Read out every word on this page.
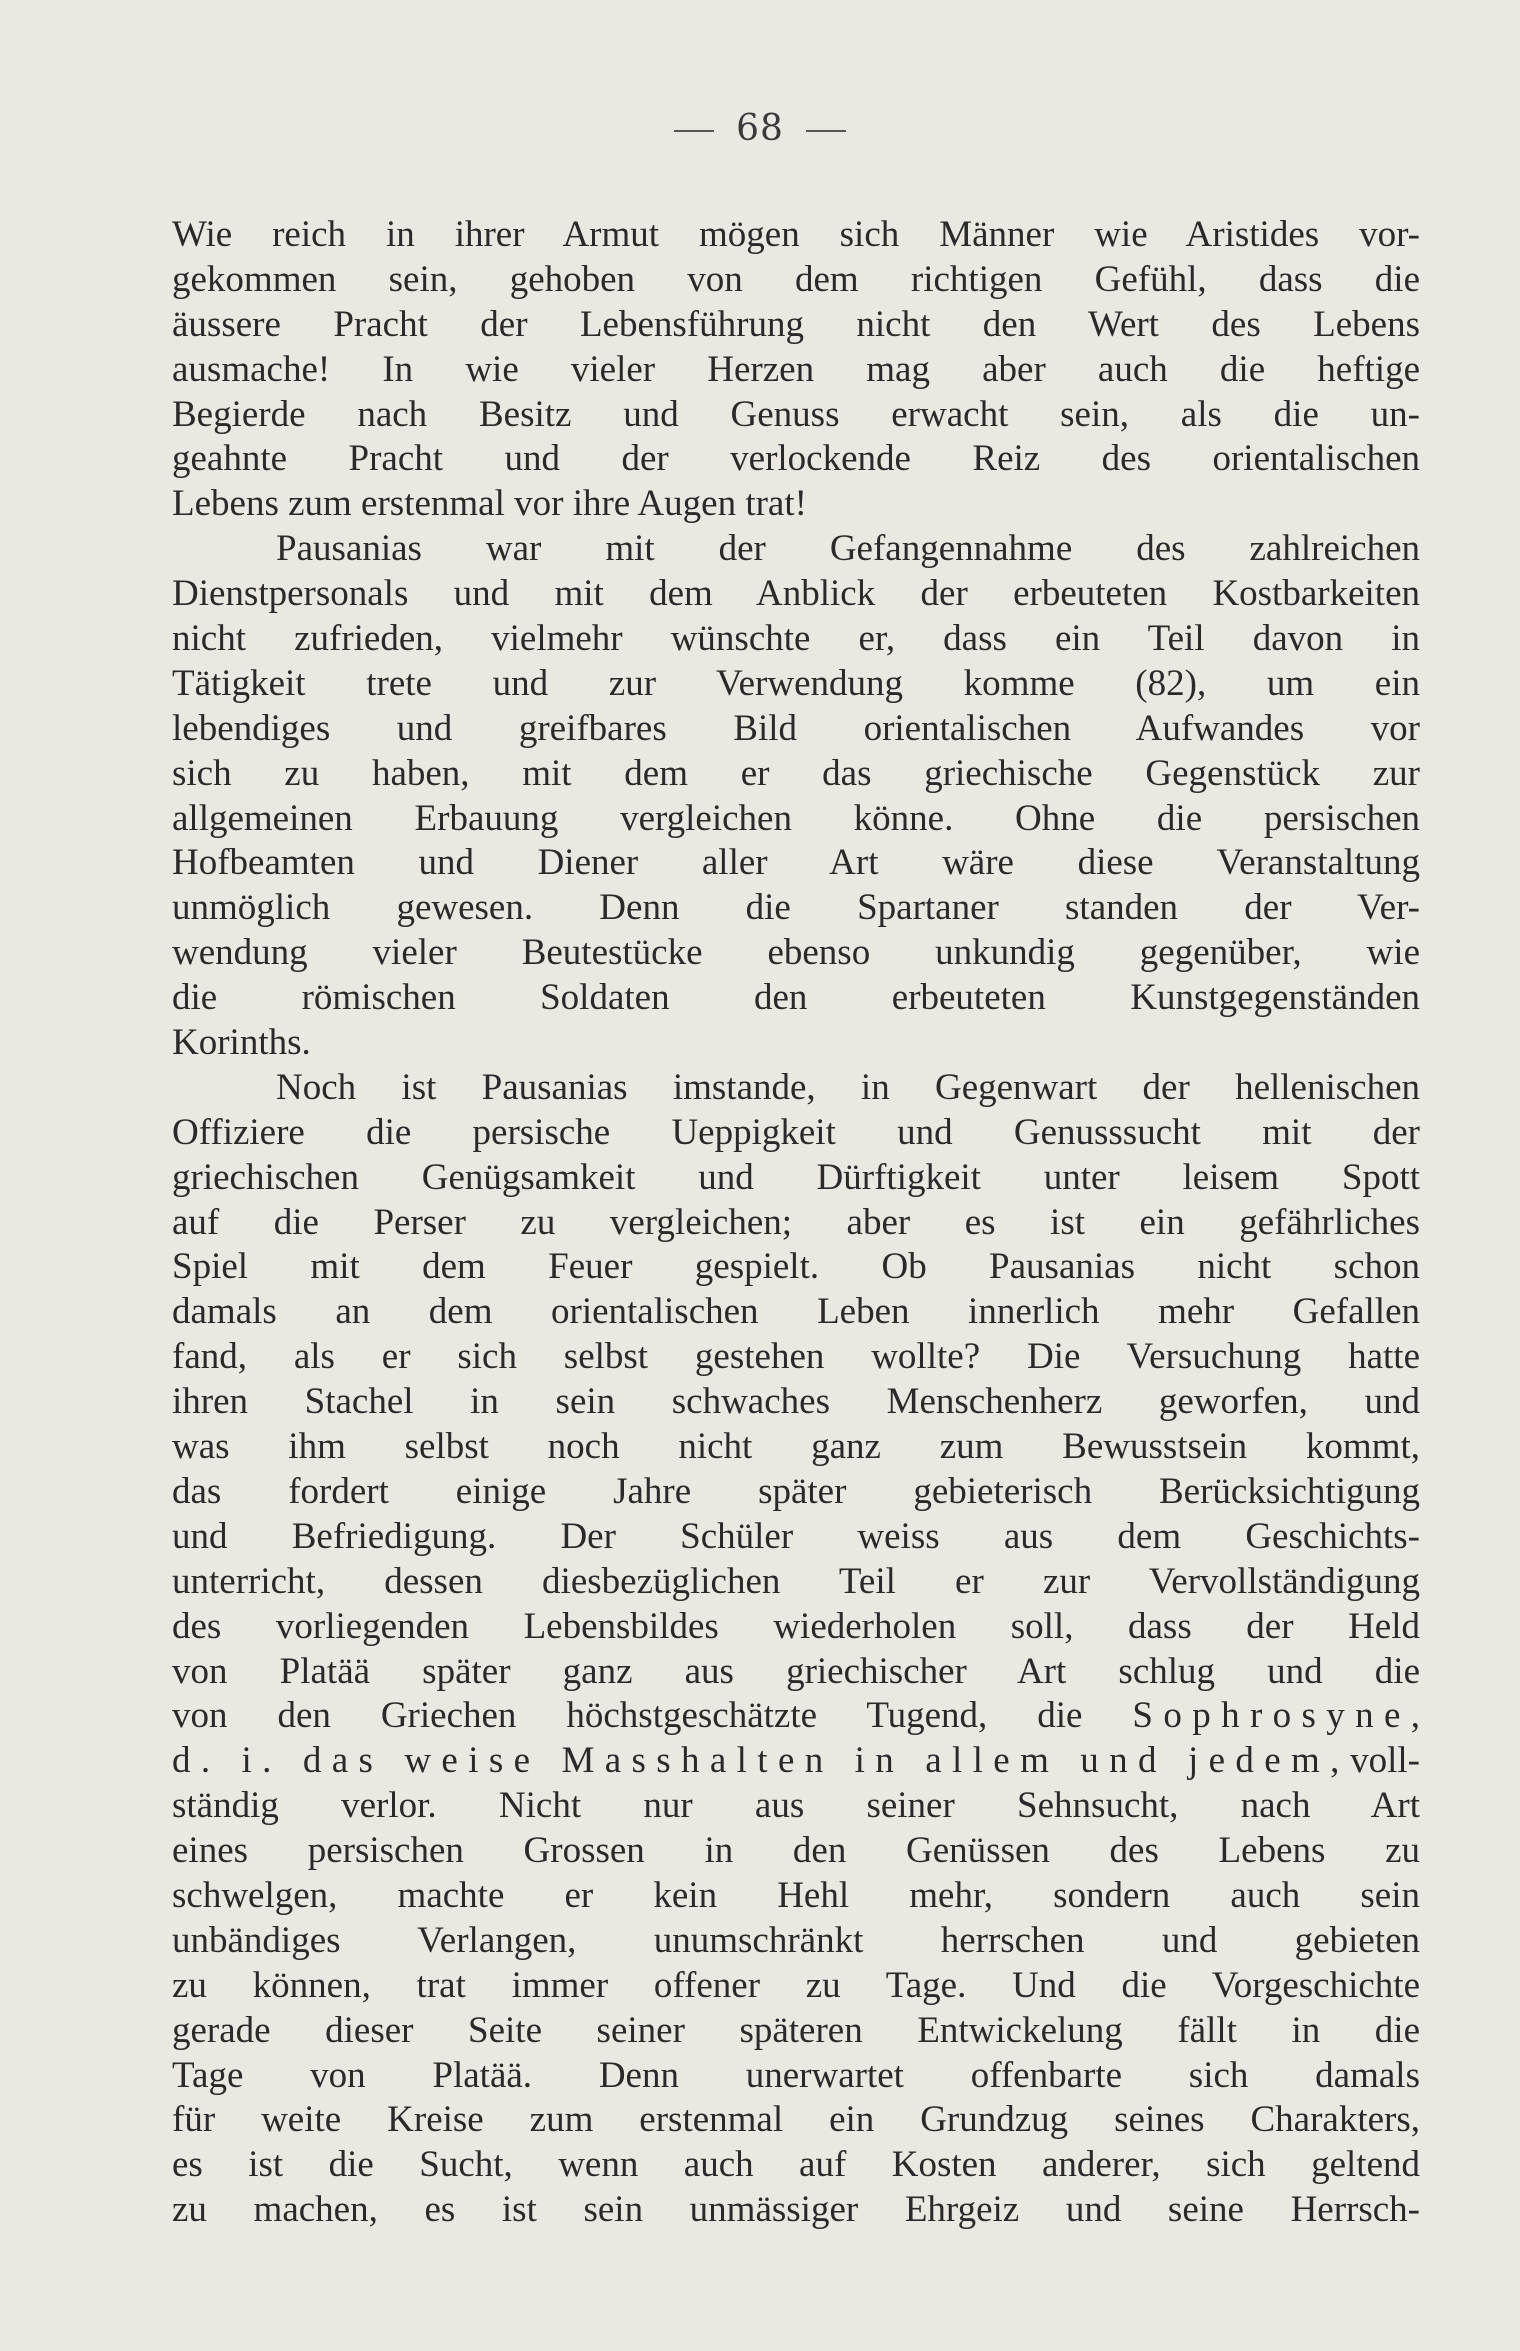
68
Wie reich in ihrer Armut mögen sich Männer wie Aristides vor-
gekommen sein, gehoben von dem richtigen Gefühl, dass die
äussere Pracht der Lebensführung nicht den Wert des Lebens
ausmache! In wie vieler Herzen mag aber auch die heftige
Begierde nach Besitz und Genuss erwacht sein, als die un-
geahnte Pracht und der verlockende Reiz des orientalischen
Lebens zum erstenmal vor ihre Augen trat!
Pausanias war mit der Gefangennahme des zahlreichen
Dienstpersonals und mit dem Anblick der erbeuteten Kostbarkeiten
nicht zufrieden, vielmehr wünschte er, dass ein Teil davon in
Tätigkeit trete und zur Verwendung komme (82), um ein
lebendiges und greifbares Bild orientalischen Aufwandes vor
sich zu haben, mit dem er das griechische Gegenstück zur
allgemeinen Erbauung vergleichen könne. Ohne die persischen
Hofbeamten und Diener aller Art wäre diese Veranstaltung
unmöglich gewesen. Denn die Spartaner standen der Ver-
wendung vieler Beutestücke ebenso unkundig gegenüber, wie
die römischen Soldaten den erbeuteten Kunstgegenständen
Korinths.
Noch ist Pausanias imstande, in Gegenwart der hellenischen
Offiziere die persische Ueppigkeit und Genusssucht mit der
griechischen Genügsamkeit und Dürftigkeit unter leisem Spott
auf die Perser zu vergleichen; aber es ist ein gefährliches
Spiel mit dem Feuer gespielt. Ob Pausanias nicht schon
damals an dem orientalischen Leben innerlich mehr Gefallen
fand, als er sich selbst gestehen wollte? Die Versuchung hatte
ihren Stachel in sein schwaches Menschenherz geworfen, und
was ihm selbst noch nicht ganz zum Bewusstsein kommt,
das fordert einige Jahre später gebieterisch Berücksichtigung
und Befriedigung. Der Schüler weiss aus dem Geschichts-
unterricht, dessen diesbezüglichen Teil er zur Vervollständigung
des vorliegenden Lebensbildes wiederholen soll, dass der Held
von Platää später ganz aus griechischer Art schlug und die
von den Griechen höchstgeschätzte Tugend, die Sophrosyne,
d. i. das weise Masshalten in allem und jedem, voll-
ständig verlor. Nicht nur aus seiner Sehnsucht, nach Art
eines persischen Grossen in den Genüssen des Lebens zu
schwelgen, machte er kein Hehl mehr, sondern auch sein
unbändiges Verlangen, unumschränkt herrschen und gebieten
zu können, trat immer offener zu Tage. Und die Vorgeschichte
gerade dieser Seite seiner späteren Entwickelung fällt in die
Tage von Platää. Denn unerwartet offenbarte sich damals
für weite Kreise zum erstenmal ein Grundzug seines Charakters,
es ist die Sucht, wenn auch auf Kosten anderer, sich geltend
zu machen, es ist sein unmässiger Ehrgeiz und seine Herrsch-
